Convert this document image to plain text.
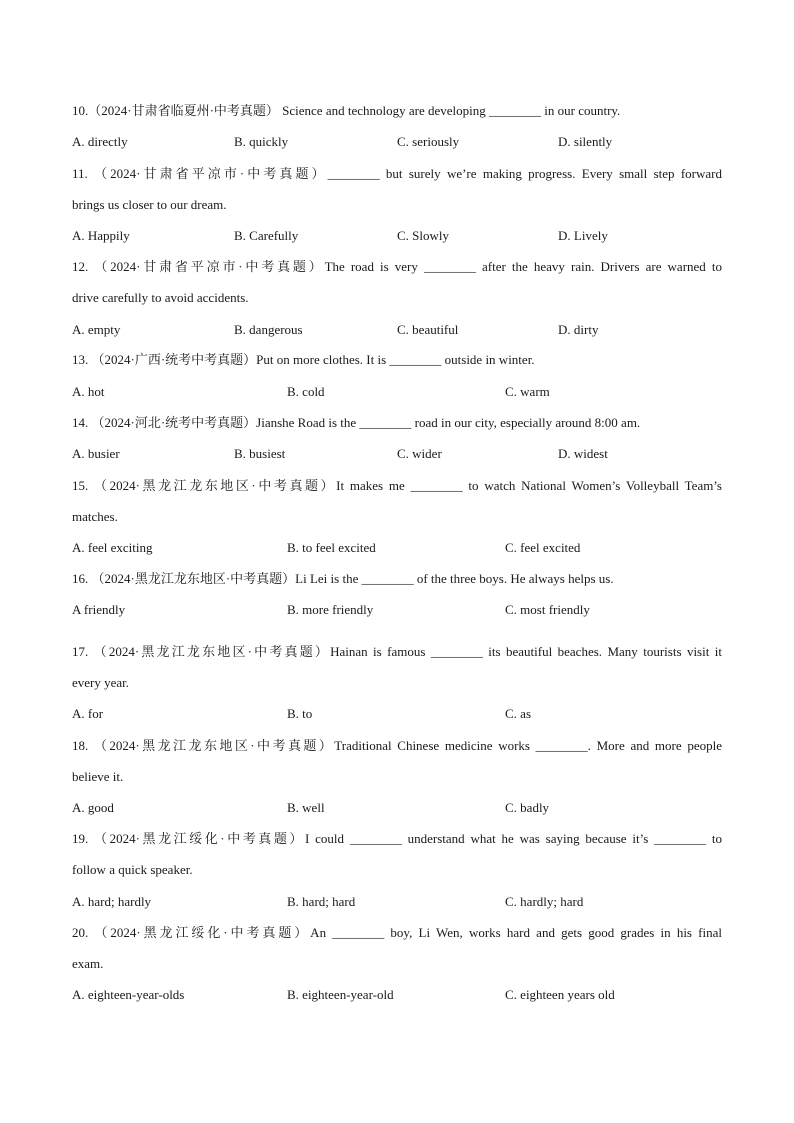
10.（2024·甘肃省临夏州·中考真题） Science and technology are developing ________ in our country.
A. directly	B. quickly	C. seriously	D. silently
11. （2024·甘肃省平凉市·中考真题）________ but surely we’re making progress. Every small step forward
brings us closer to our dream.
A. Happily	B. Carefully	C. Slowly	D. Lively
12. （2024·甘肃省平凉市·中考真题）The road is very ________ after the heavy rain. Drivers are warned to
drive carefully to avoid accidents.
A. empty	B. dangerous	C. beautiful	D. dirty
13. （2024·广西·统考中考真题）Put on more clothes. It is ________ outside in winter.
A. hot	B. cold	C. warm
14. （2024·河北·统考中考真题）Jianshe Road is the ________ road in our city, especially around 8:00 am.
A. busier	B. busiest	C. wider	D. widest
15. （2024·黑龙江龙东地区·中考真题）It makes me ________ to watch National Women’s Volleyball Team’s
matches.
A. feel exciting	B. to feel excited	C. feel excited
16. （2024·黑龙江龙东地区·中考真题）Li Lei is the ________ of the three boys. He always helps us.
A friendly	B. more friendly	C. most friendly
17. （2024·黑龙江龙东地区·中考真题）Hainan is famous ________ its beautiful beaches. Many tourists visit it
every year.
A. for	B. to	C. as
18. （2024·黑龙江龙东地区·中考真题）Traditional Chinese medicine works ________. More and more people
believe it.
A. good	B. well	C. badly
19. （2024·黑龙江绥化·中考真题）I could ________ understand what he was saying because it’s ________ to
follow a quick speaker.
A. hard; hardly	B. hard; hard	C. hardly; hard
20. （2024·黑龙江绥化·中考真题）An ________ boy, Li Wen, works hard and gets good grades in his final
exam.
A. eighteen-year-olds	B. eighteen-year-old	C. eighteen years old
